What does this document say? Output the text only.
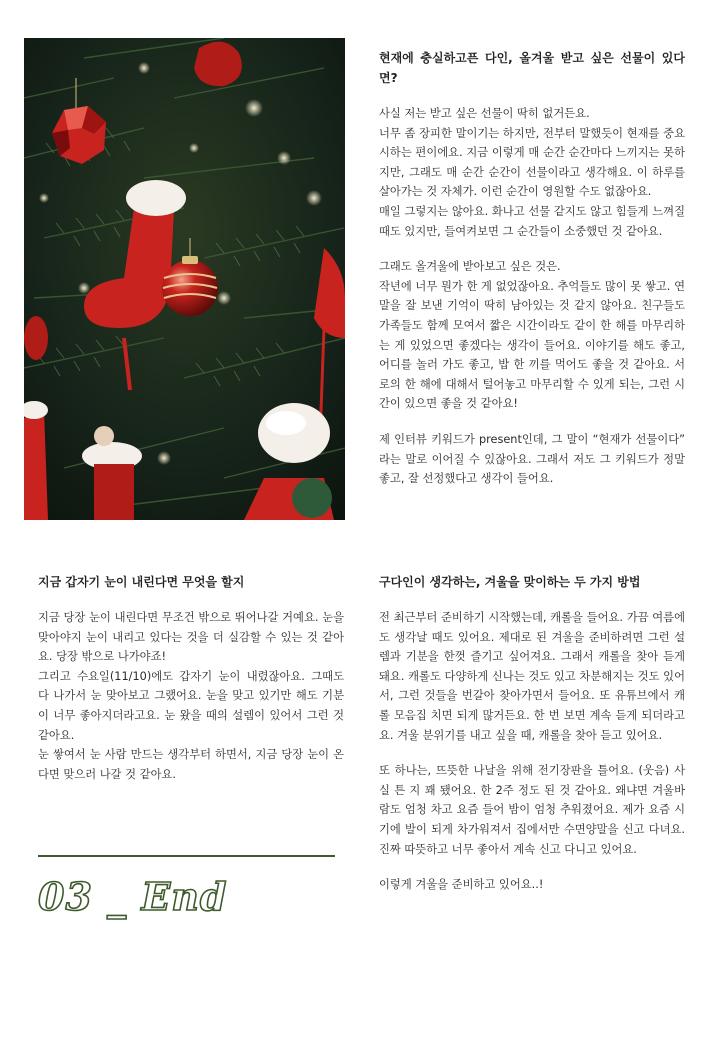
현재에 충실하고픈 다인, 올겨울 받고 싶은 선물이 있다면?

사실 저는 받고 싶은 선물이 딱히 없거든요.

너무 좀 장피한 말이기는 하지만, 전부터 말했듯이 현재를 중요시하는 편이에요. 지금 이렇게 매 순간 순간마다 느끼지는 못하지만, 그래도 매 순간 순간이 선물이라고 생각해요. 이 하루를 살아가는 것 자체가. 이런 순간이 영원할 수도 없잖아요.

매일 그렇지는 않아요. 화나고 선물 같지도 않고 힘들게 느껴질 때도 있지만, 들여켜보면 그 순간들이 소중했던 것 같아요.

그래도 올겨울에 받아보고 싶은 것은.

작년에 너무 뭔가 한 게 없었잖아요. 추억들도 많이 못 쌓고. 연말을 잘 보낸 기억이 딱히 남아있는 것 같지 않아요. 친구들도 가족들도 함께 모여서 짧은 시간이라도 같이 한 해를 마무리하는 게 있었으면 좋겠다는 생각이 들어요. 이야기를 해도 좋고, 어디를 놀러 가도 좋고, 밥 한 끼를 먹어도 좋을 것 같아요. 서로의 한 해에 대해서 털어놓고 마무리할 수 있게 되는, 그런 시간이 있으면 좋을 것 같아요!

제 인터뷰 키워드가 present인데, 그 말이 “현재가 선물이다” 라는 말로 이어질 수 있잖아요. 그래서 저도 그 키워드가 정말 좋고, 잘 선정했다고 생각이 들어요.

지금 갑자기 눈이 내린다면 무엇을 할지

지금 당장 눈이 내린다면 무조건 밖으로 뛰어나갈 거예요. 눈을 맞아야지 눈이 내리고 있다는 것을 더 실감할 수 있는 것 같아요. 당장 밖으로 나가야죠!

그리고 수요일(11/10)에도 갑자기 눈이 내렸잖아요. 그때도 다 나가서 눈 맞아보고 그랬어요. 눈을 맞고 있기만 해도 기분이 너무 좋아지더라고요. 눈 왔을 때의 설렘이 있어서 그런 것 같아요.

눈 쌓여서 눈 사람 만드는 생각부터 하면서, 지금 당장 눈이 온다면 맞으러 나갈 것 같아요.

구다인이 생각하는, 겨울을 맞이하는 두 가지 방법

전 최근부터 준비하기 시작했는데, 캐롤을 들어요. 가끔 여름에도 생각날 때도 있어요. 제대로 된 겨울을 준비하려면 그런 설렘과 기분을 한껏 즐기고 싶어져요. 그래서 캐롤을 찾아 듣게 돼요. 캐롤도 다양하게 신나는 것도 있고 차분해지는 것도 있어서, 그런 것들을 번갈아 찾아가면서 들어요. 또 유튜브에서 캐롤 모음집 치면 되게 많거든요. 한 번 보면 계속 듣게 되더라고요. 겨울 분위기를 내고 싶을 때, 캐롤을 찾아 듣고 있어요.

또 하나는, 뜨뜻한 나날을 위해 전기장판을 틀어요. (웃음) 사실 튼 지 꽤 됐어요. 한 2주 정도 된 것 같아요. 왜냐면 겨울바람도 엄청 차고 요즘 들어 밤이 엄청 추워졌어요. 제가 요즘 시기에 발이 되게 차가워져서 집에서만 수면양말을 신고 다녀요. 진짜 따뜻하고 너무 좋아서 계속 신고 다니고 있어요.

이렇게 겨울을 준비하고 있어요..!

03 _ End
